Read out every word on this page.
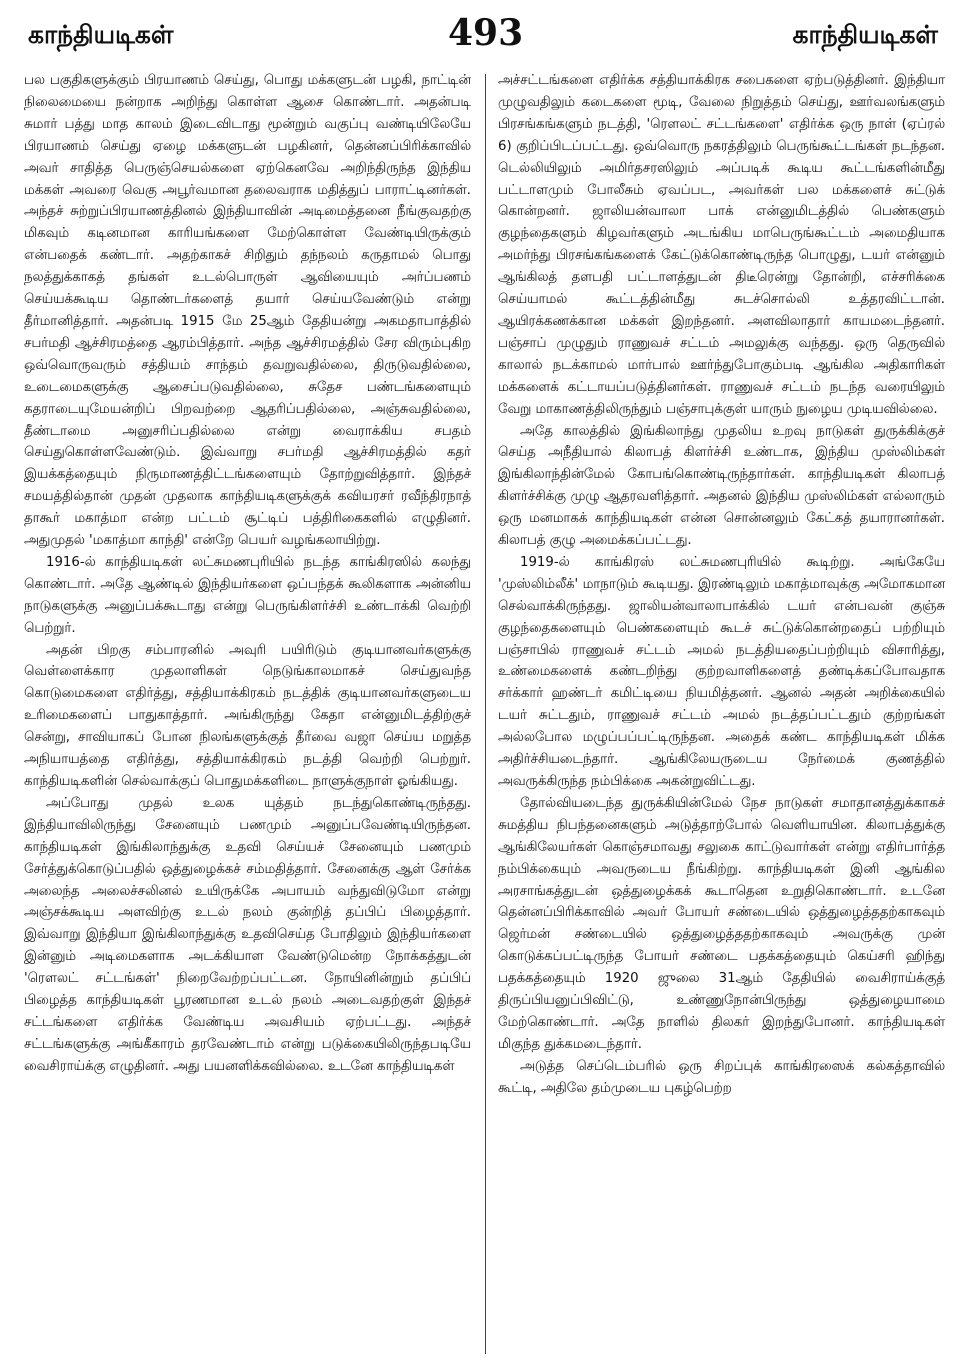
காந்தியடிகள்	493	காந்தியடிகள்

பல பகுதிகளுக்கும் பிரயாணம் செய்து, பொது மக்களுடன் பழகி, நாட்டின் நிலைமையை நன்றாக அறிந்து கொள்ள ஆசை கொண்டார். அதன்படி சுமார் பத்து மாத காலம் இடைவிடாது மூன்றும் வகுப்பு வண்டியிலேயே பிரயாணம் செய்து ஏழை மக்களுடன் பழகினர், தென்னப்பிரிக்காவில் அவர் சாதித்த பெருஞ்செயல்களை ஏற்கெனவே அறிந்திருந்த இந்திய மக்கள் அவரை வெகு அபூர்வமான தலைவராக மதித்துப் பாராட்டினர்கள். அந்தச் சுற்றுப்பிரயாணத்தினல் இந்தியாவின் அடிமைத்தனை நீங்குவதற்கு மிகவும் கடினமான காரியங்களை மேற்கொள்ள வேண்டியிருக்கும் என்பதைக் கண்டார். அதற்காகச் சிறிதும் தந்நலம் கருதாமல் பொது நலத்துக்காகத் தங்கள் உடல்பொருள் ஆவியையும் அர்ப்பணம் செய்யக்கூடிய தொண்டர்களைத் தயார் செய்யவேண்டும் என்று தீர்மானித்தார். அதன்படி 1915 மே 25ஆம் தேதியன்று அகமதாபாத்தில் சபர்மதி ஆச்சிரமத்தை ஆரம்பித்தார். அந்த ஆச்சிரமத்தில் சேர விரும்புகிற ஒவ்வொருவரும் சத்தியம் சாந்தம் தவறுவதில்லை, திருடுவதில்லை, உடைமைகளுக்கு ஆசைப்படுவதில்லை, சுதேச பண்டங்களையும் கதராடையுமேயன்றிப் பிறவற்றை ஆதரிப்பதில்லை, அஞ்சுவதில்லை, தீண்டாமை அனுசரிப்பதில்லை என்று வைராக்கிய சபதம் செய்துகொள்ளவேண்டும். இவ்வாறு சபர்மதி ஆச்சிரமத்தில் கதர் இயக்கத்தையும் நிருமாணத்திட்டங்களையும் தோற்றுவித்தார். இந்தச் சமயத்தில்தான் முதன் முதலாக காந்தியடிகளுக்குக் கவியரசர் ரவீந்திரநாத் தாகூர் மகாத்மா என்ற பட்டம் சூட்டிப் பத்திரிகைகளில் எழுதினர். அதுமுதல் 'மகாத்மா காந்தி' என்றே பெயர் வழங்கலாயிற்று.

1916-ல் காந்தியடிகள் லட்சுமணபுரியில் நடந்த காங்கிரஸில் கலந்து கொண்டார். அதே ஆண்டில் இந்தியர்களை ஒப்பந்தக் கூலிகளாக அன்னிய நாடுகளுக்கு அனுப்பக்கூடாது என்று பெருங்கிளர்ச்சி உண்டாக்கி வெற்றி பெற்றுர்.

அதன் பிறகு சம்பாரனில் அவுரி பயிரிடும் குடியானவர்களுக்கு வெள்ளைக்கார முதலாளிகள் நெடுங்காலமாகச் செய்துவந்த கொடுமைகளை எதிர்த்து, சத்தியாக்கிரகம் நடத்திக் குடியானவர்களுடைய உரிமைகளைப் பாதுகாத்தார். அங்கிருந்து கேதா என்னுமிடத்திற்குச் சென்று, சாவியாகப் போன நிலங்களுக்குத் தீர்வை வஜா செய்ய மறுத்த அநியாயத்தை எதிர்த்து, சத்தியாக்கிரகம் நடத்தி வெற்றி பெற்றுர். காந்தியடிகளின் செல்வாக்குப் பொதுமக்களிடை நாளுக்குநாள் ஓங்கியது.

அப்போது முதல் உலக யுத்தம் நடந்துகொண்டிருந்தது. இந்தியாவிலிருந்து சேனையும் பணமும் அனுப்பவேண்டியிருந்தன. காந்தியடிகள் இங்கிலாந்துக்கு உதவி செய்யச் சேனையும் பணமும் சேர்த்துக்கொடுப்பதில் ஒத்துழைக்கச் சம்மதித்தார். சேனைக்கு ஆள் சேர்க்க அலைந்த அலைச்சலினல் உயிருக்கே அபாயம் வந்துவிடுமோ என்று அஞ்சக்கூடிய அளவிற்கு உடல் நலம் குன்றித் தப்பிப் பிழைத்தார். இவ்வாறு இந்தியா இங்கிலாந்துக்கு உதவிசெய்த போதிலும் இந்தியர்களை இன்னும் அடிமைகளாக அடக்கியாள வேண்டுமென்ற நோக்கத்துடன் 'ரௌலட் சட்டங்கள்' நிறைவேற்றப்பட்டன. நோயினின்றும் தப்பிப் பிழைத்த காந்தியடிகள் பூரணமான உடல் நலம் அடைவதற்குள் இந்தச் சட்டங்களை எதிர்க்க வேண்டிய அவசியம் ஏற்பட்டது. அந்தச் சட்டங்களுக்கு அங்கீகாரம் தரவேண்டாம் என்று படுக்கையிலிருந்தபடியே வைசிராய்க்கு எழுதினர். அது பயனளிக்கவில்லை. உடனே காந்தியடிகள்

அச்சட்டங்களை எதிர்க்க சத்தியாக்கிரக சபைகளை ஏற்படுத்தினர். இந்தியா முழுவதிலும் கடைகளை மூடி, வேலை நிறுத்தம் செய்து, ஊர்வலங்களும் பிரசங்கங்களும் நடத்தி, 'ரௌலட் சட்டங்களை' எதிர்க்க ஒரு நாள் (ஏப்ரல் 6) குறிப்பிடப்பட்டது. ஒவ்வொரு நகரத்திலும் பெருங்கூட்டங்கள் நடந்தன. டெல்லியிலும் அமிர்தசரஸிலும் அப்படிக் கூடிய கூட்டங்களின்மீது பட்டாளமும் போலீசும் ஏவப்பட, அவர்கள் பல மக்களைச் சுட்டுக் கொன்றனர். ஜாலியன்வாலா பாக் என்னுமிடத்தில் பெண்களும் குழந்தைகளும் கிழவர்களும் அடங்கிய மாபெருங்கூட்டம் அமைதியாக அமர்ந்து பிரசங்கங்களைக் கேட்டுக்கொண்டிருந்த பொழுது, டயர் என்னும் ஆங்கிலத் தளபதி பட்டாளத்துடன் திடீரென்று தோன்றி, எச்சரிக்கை செய்யாமல் கூட்டத்தின்மீது சுடச்சொல்லி உத்தரவிட்டான். ஆயிரக்கணக்கான மக்கள் இறந்தனர். அளவிலாதார் காயமடைந்தனர். பஞ்சாப் முழுதும் ராணுவச் சட்டம் அமலுக்கு வந்தது. ஒரு தெருவில் காலால் நடக்காமல் மார்பால் ஊர்ந்துபோகும்படி ஆங்கில அதிகாரிகள் மக்களைக் கட்டாயப்படுத்தினர்கள். ராணுவச் சட்டம் நடந்த வரையிலும் வேறு மாகாணத்திலிருந்தும் பஞ்சாபுக்குள் யாரும் நுழைய முடியவில்லை.

அதே காலத்தில் இங்கிலாந்து முதலிய உறவு நாடுகள் துருக்கிக்குச் செய்த அநீதியால் கிலாபத் கிளர்ச்சி உண்டாக, இந்திய முஸ்லிம்கள் இங்கிலாந்தின்மேல் கோபங்கொண்டிருந்தார்கள். காந்தியடிகள் கிலாபத் கிளர்ச்சிக்கு முழு ஆதரவளித்தார். அதனல் இந்திய முஸ்லிம்கள் எல்லாரும் ஒரு மனமாகக் காந்தியடிகள் என்ன சொன்னலும் கேட்கத் தயாரானர்கள். கிலாபத் குழு அமைக்கப்பட்டது.

1919-ல் காங்கிரஸ் லட்சுமணபுரியில் கூடிற்று. அங்கேயே 'முஸ்லிம்லீக்' மாநாடும் கூடியது. இரண்டிலும் மகாத்மாவுக்கு அமோகமான செல்வாக்கிருந்தது. ஜாலியன்வாலாபாக்கில் டயர் என்பவன் குஞ்சு குழந்தைகளையும் பெண்களையும் கூடச் சுட்டுக்கொன்றதைப் பற்றியும் பஞ்சாபில் ராணுவச் சட்டம் அமல் நடத்தியதைப்பற்றியும் விசாரித்து, உண்மைகளைக் கண்டறிந்து குற்றவாளிகளைத் தண்டிக்கப்போவதாக சர்க்கார் ஹண்டர் கமிட்டியை நியமித்தனர். ஆனல் அதன் அறிக்கையில் டயர் சுட்டதும், ராணுவச் சட்டம் அமல் நடத்தப்பட்டதும் குற்றங்கள் அல்லபோல மழுப்பப்பட்டிருந்தன. அதைக் கண்ட காந்தியடிகள் மிக்க அதிர்ச்சியடைந்தார். ஆங்கிலேயருடைய நேர்மைக் குணத்தில் அவருக்கிருந்த நம்பிக்கை அகன்றுவிட்டது.

தோல்வியடைந்த துருக்கியின்மேல் நேச நாடுகள் சமாதானத்துக்காகச் சுமத்திய நிபந்தனைகளும் அடுத்தாற்போல் வெளியாயின. கிலாபத்துக்கு ஆங்கிலேயர்கள் கொஞ்சமாவது சலுகை காட்டுவார்கள் என்று எதிர்பார்த்த நம்பிக்கையும் அவருடைய நீங்கிற்று. காந்தியடிகள் இனி ஆங்கில அரசாங்கத்துடன் ஒத்துழைக்கக் கூடாதென உறுதிகொண்டார். உடனே தென்னப்பிரிக்காவில் அவர் போயர் சண்டையில் ஒத்துழைத்ததற்காகவும் ஜெர்மன் சண்டையில் ஒத்துழைத்ததற்காகவும் அவருக்கு முன் கொடுக்கப்பட்டிருந்த போயர் சண்டை பதக்கத்தையும் கெய்சரி ஹிந்து பதக்கத்தையும் 1920 ஜுலை 31ஆம் தேதியில் வைசிராய்க்குத் திருப்பியனுப்பிவிட்டு, உண்ணுநோன்பிருந்து ஒத்துழையாமை மேற்கொண்டார். அதே நாளில் திலகர் இறந்துபோனர். காந்தியடிகள் மிகுந்த துக்கமடைந்தார்.

அடுத்த செப்டெம்பரில் ஒரு சிறப்புக் காங்கிரஸைக் கல்கத்தாவில் கூட்டி, அதிலே தம்முடைய புகழ்பெற்ற
